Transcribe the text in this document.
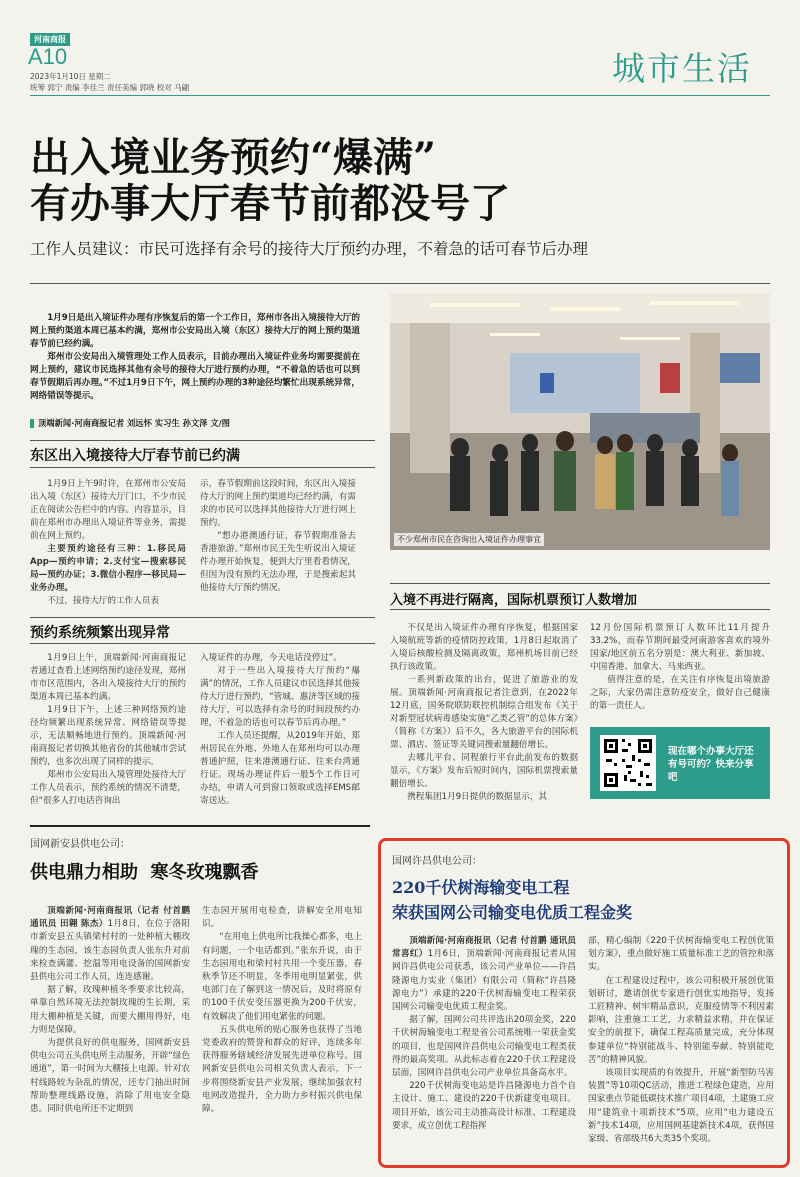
河南商报
A10
2023年1月10日 星期二
统筹 郭宁 责编 李佳兰 责任美编 郭晓 校对 马翩	城市生活
出入境业务预约“爆满”
有办事大厅春节前都没号了
工作人员建议：市民可选择有余号的接待大厅预约办理，不着急的话可春节后办理

1月9日是出入境证件办理有序恢复后的第一个工作日，郑州市各出入境接待大厅的网上预约渠道本周已基本约满，郑州市公安局出入境（东区）接待大厅的网上预约渠道春节前已经约满。

郑州市公安局出入境管理处工作人员表示，目前办理出入境证件业务均需要提前在网上预约，建议市民选择其他有余号的接待大厅进行预约办理，“不着急的话也可以到春节假期后再办理。”不过1月9日下午，网上预约办理的3种途径均繁忙出现系统异常，网络错误等提示。

顶端新闻·河南商报记者 刘远怀 实习生 孙文泽 文/图
不少郑州市民在咨询出入境证件办理事宜
东区出入境接待大厅春节前已约满

1月9日上午9时许，在郑州市公安局出入境（东区）接待大厅门口，不少市民正在阅读公告栏中的内容。内容显示，目前在郑州市办理出入境证件等业务，需提前在网上预约。

主要预约途径有三种：1.移民局App—预约申请；2.支付宝—搜索移民局—预约办证；3.微信小程序—移民局—业务办理。

不过，接待大厅的工作人员表

示，春节假期前这段时间，东区出入境接待大厅的网上预约渠道均已经约满，有需求的市民可以选择其他接待大厅进行网上预约。

“想办港澳通行证，春节假期准备去香港旅游。”郑州市民王先生听说出入境证件办理开始恢复，便到大厅里看看情况，但因为没有预约无法办理，于是搜索起其他接待大厅预约情况。

预约系统频繁出现异常

1月9日上午，顶端新闻·河南商报记者通过查看上述网络预约途径发现，郑州市市区范围内，各出入境接待大厅的预约渠道本周已基本约满。

1月9日下午，上述三种网络预约途径均频繁出现系统异常、网络错误等提示，无法顺畅地进行预约。顶端新闻·河南商报记者切换其他省份的其他城市尝试预约，也多次出现了同样的提示。

郑州市公安局出入境管理处接待大厅工作人员表示，预约系统的情况不清楚，但“很多人打电话咨询出

入境证件的办理，今天电话没停过”。

对于一些出入境接待大厅预约“爆满”的情况，工作人员建议市民选择其他接待大厅进行预约，“管城、惠济等区域的接待大厅，可以选择有余号的时间段预约办理，不着急的话也可以春节后再办理。”

工作人员还提醒，从2019年开始，郑州居民在外地、外地人在郑州均可以办理普通护照，往来港澳通行证、往来台湾通行证。现场办理证件后一般5个工作日可办结，申请人可到窗口领取或选择EMS邮寄送达。

入境不再进行隔离，国际机票预订人数增加

不仅是出入境证件办理有序恢复，根据国家入境航班等新的疫情防控政策，1月8日起取消了入境后核酸检测及隔离政策，郑州机场目前已经执行该政策。

一系列新政策的出台，促进了旅游业的发展。顶端新闻·河南商报记者注意到，在2022年12月底，国务院联防联控机制综合组发布《关于对新型冠状病毒感染实施“乙类乙管”的总体方案》（简称《方案》）后不久，各大旅游平台的国际机票、酒店、签证等关键词搜索量翻倍增长。

去哪儿平台、同程旅行平台此前发布的数据显示，《方案》发布后短时间内，国际机票搜索量翻倍增长。

携程集团1月9日提供的数据显示，其

12月份国际机票预订人数环比11月提升33.2%，而春节期间最受河南游客喜欢的境外国家/地区前五名分别是：澳大利亚、新加坡、中国香港、加拿大、马来西亚。

值得注意的是，在关注有序恢复出境旅游之际，大家仍需注意防疫安全，做好自己健康的第一责任人。

现在哪个办事大厅还有号可约？快来分享吧
国网新安县供电公司：
供电鼎力相助  寒冬玫瑰飘香

顶端新闻·河南商报讯（记者 付首鹏 通讯员 田翱 陈杰）1月8日，在位于洛阳市新安县五头镇梁村村的一处种植大棚玫瑰的生态园，该生态园负责人张东升对前来检查满灌、挖温等用电设备的国网新安县供电公司工作人员，连连感谢。

据了解，玫瑰种植冬季要求比较高，单靠自然环境无法控制玫瑰的生长期，采用大棚种植是关键，而要大棚用得好，电力则是保障。

为提供良好的供电服务，国网新安县供电公司五头供电所主动服务，开辟“绿色通道”，第一时间为大棚接上电源。针对农村线路较为杂乱的情况，还专门抽出时间帮助整理线路设施，消除了用电安全隐患。同时供电所还不定期到

生态园开展用电检查，讲解安全用电知识。

“在用电上供电所比我操心都多，电上有问题，一个电话都到。”张东升说，由于生态园用电和梁村村共用一个变压器，春秋季节还不明显，冬季用电明显紧张，供电部门在了解到这一情况后，及时将原有的100千伏安变压器更换为200千伏安，有效解决了他们用电紧张的问题。

五头供电所的贴心服务也获得了当地党委政府的赞誉和群众的好评，连续多年获得服务辖域经济发展先进单位称号。国网新安县供电公司相关负责人表示，下一步将围绕新安县产业发展，继续加强农村电网改造提升，全力助力乡村振兴供电保障。

国网许昌供电公司：
220千伏树海输变电工程
荣获国网公司输变电优质工程金奖

顶端新闻·河南商报讯（记者 付首鹏 通讯员 常喜红）1月6日，顶端新闻·河南商报记者从国网许昌供电公司获悉，该公司产业单位——许昌隆源电力实业（集团）有限公司（简称“许昌隆源电力”）承建的220千伏树海输变电工程荣获国网公司输变电优质工程金奖。

据了解，国网公司共评选出20项金奖，220千伏树海输变电工程是省公司系统唯一荣获金奖的项目，也是国网许昌供电公司输变电工程类获得的最高奖项。从此标志着在220千伏工程建设层面，国网许昌供电公司产业单位具备高水平。

220千伏树海变电站是许昌隆源电力首个自主设计、施工、建设的220千伏新建变电项目。项目开始，该公司主动推高设计标准、工程建设要求，成立创优工程指挥

部，精心编制《220千伏树海输变电工程创优策划方案》，重点做好施工质量标准工艺的管控和落实。

在工程建设过程中，该公司积极开展创优策划研讨，邀请创优专家进行创优实地指导，发扬工匠精神、树牢精品意识，克服疫情等不利因素影响，注重施工工艺，力求精益求精，并在保证安全的前提下，确保工程高质量完成，充分体现参建单位“特别能战斗、特别能奉献、特别能吃苦”的精神风貌。

该项目实现质的有效提升，开展“新型防马害装置”等10项QC活动，推进工程绿色建造，应用国家重点节能低碳技术推广项目4项，土建施工应用“建筑业十项新技术”5项，应用“电力建设五新”技术14项，应用国网基建新技术4项，获得国家级、省部级共6大类35个奖项。
